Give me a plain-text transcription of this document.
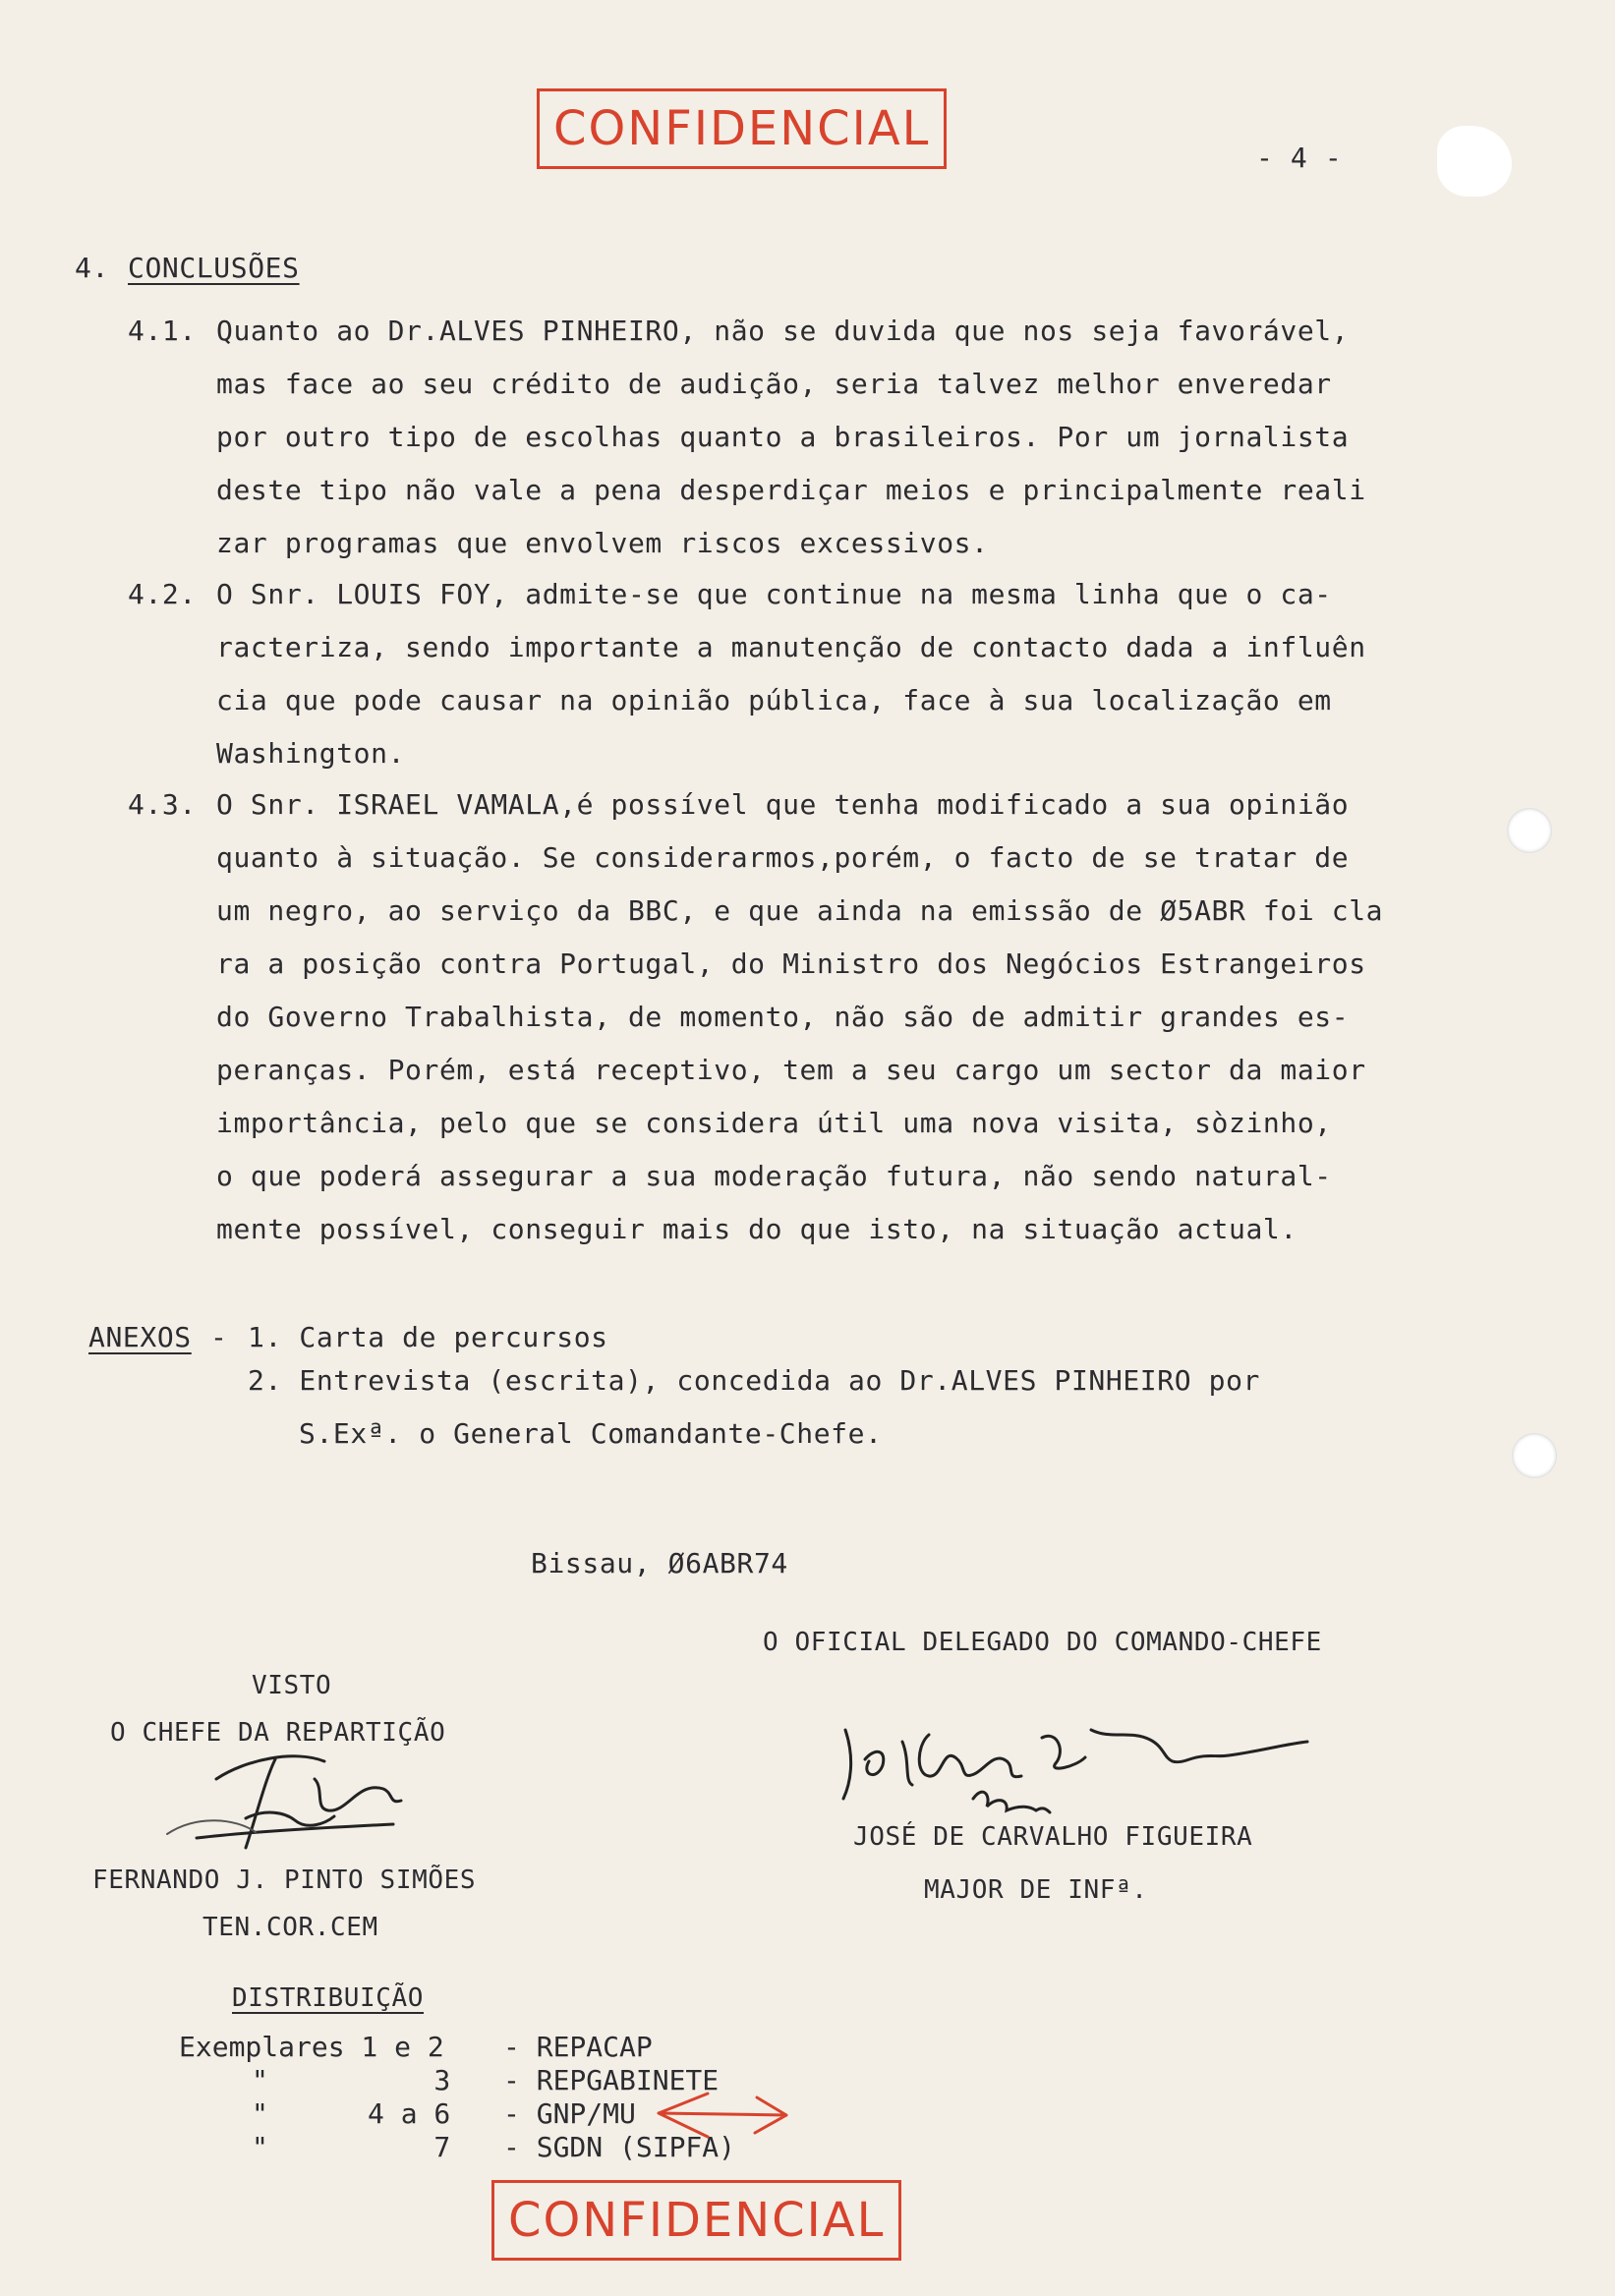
CONFIDENCIAL
- 4 -
4. CONCLUSÕES
4.1. Quanto ao Dr.ALVES PINHEIRO, não se duvida que nos seja favorável,
mas face ao seu crédito de audição, seria talvez melhor enveredar
por outro tipo de escolhas quanto a brasileiros. Por um jornalista
deste tipo não vale a pena desperdiçar meios e principalmente reali
zar programas que envolvem riscos excessivos.
4.2. O Snr. LOUIS FOY, admite-se que continue na mesma linha que o ca-
racteriza, sendo importante a manutenção de contacto dada a influên
cia que pode causar na opinião pública, face à sua localização em
Washington.
4.3. O Snr. ISRAEL VAMALA,é possível que tenha modificado a sua opinião
quanto à situação. Se considerarmos,porém, o facto de se tratar de
um negro, ao serviço da BBC, e que ainda na emissão de Ø5ABR foi cla
ra a posição contra Portugal, do Ministro dos Negócios Estrangeiros
do Governo Trabalhista, de momento, não são de admitir grandes es-
peranças. Porém, está receptivo, tem a seu cargo um sector da maior
importância, pelo que se considera útil uma nova visita, sòzinho,
o que poderá assegurar a sua moderação futura, não sendo natural-
mente possível, conseguir mais do que isto, na situação actual.
ANEXOS - 1. Carta de percursos
2. Entrevista (escrita), concedida ao Dr.ALVES PINHEIRO por
S.Exª. o General Comandante-Chefe.
Bissau, Ø6ABR74
O OFICIAL DELEGADO DO COMANDO-CHEFE
JOSÉ DE CARVALHO FIGUEIRA
MAJOR DE INFª.
VISTO
O CHEFE DA REPARTIÇÃO
FERNANDO J. PINTO SIMÕES
TEN.COR.CEM
DISTRIBUIÇÃO
Exemplares 1 e 2 - REPACAP
"          3 - REPGABINETE
"      4 a 6 - GNP/MU
"          7 - SGDN (SIPFA)
CONFIDENCIAL
